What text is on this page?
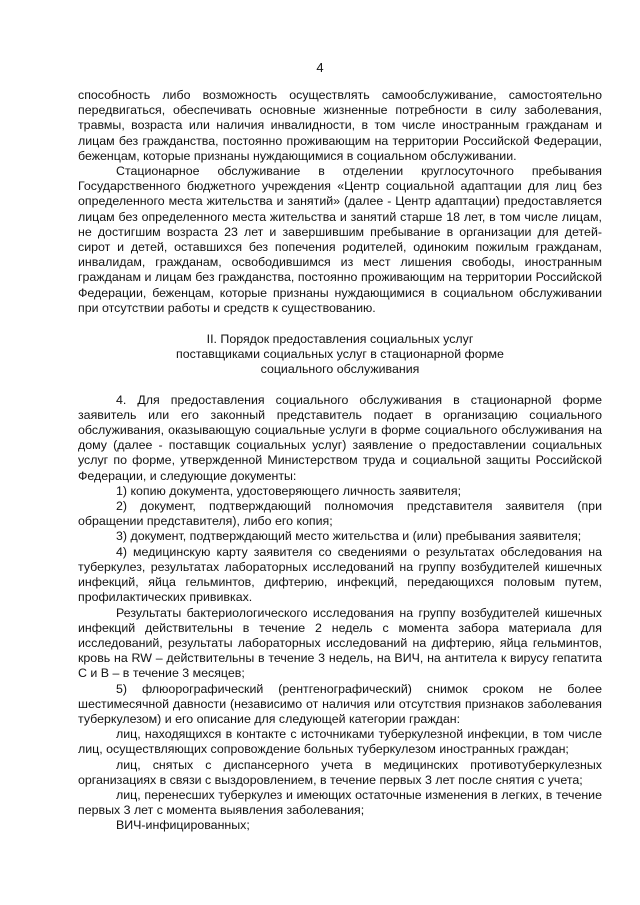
4

способность либо возможность осуществлять самообслуживание, самостоятельно передвигаться, обеспечивать основные жизненные потребности в силу заболевания, травмы, возраста или наличия инвалидности, в том числе иностранным гражданам и лицам без гражданства, постоянно проживающим на территории Российской Федерации, беженцам, которые признаны нуждающимися в социальном обслуживании.

Стационарное обслуживание в отделении круглосуточного пребывания Государственного бюджетного учреждения «Центр социальной адаптации для лиц без определенного места жительства и занятий» (далее - Центр адаптации) предоставляется лицам без определенного места жительства и занятий старше 18 лет, в том числе лицам, не достигшим возраста 23 лет и завершившим пребывание в организации для детей-сирот и детей, оставшихся без попечения родителей, одиноким пожилым гражданам, инвалидам, гражданам, освободившимся из мест лишения свободы, иностранным гражданам и лицам без гражданства, постоянно проживающим на территории Российской Федерации, беженцам, которые признаны нуждающимися в социальном обслуживании при отсутствии работы и средств к существованию.

II. Порядок предоставления социальных услуг
поставщиками социальных услуг в стационарной форме
социального обслуживания

4. Для предоставления социального обслуживания в стационарной форме заявитель или его законный представитель подает в организацию социального обслуживания, оказывающую социальные услуги в форме социального обслуживания на дому (далее - поставщик социальных услуг) заявление о предоставлении социальных услуг по форме, утвержденной Министерством труда и социальной защиты Российской Федерации, и следующие документы:

1) копию документа, удостоверяющего личность заявителя;

2) документ, подтверждающий полномочия представителя заявителя (при обращении представителя), либо его копия;

3) документ, подтверждающий место жительства и (или) пребывания заявителя;

4) медицинскую карту заявителя со сведениями о результатах обследования на туберкулез, результатах лабораторных исследований на группу возбудителей кишечных инфекций, яйца гельминтов, дифтерию, инфекций, передающихся половым путем, профилактических прививках.

Результаты бактериологического исследования на группу возбудителей кишечных инфекций действительны в течение 2 недель с момента забора материала для исследований, результаты лабораторных исследований на дифтерию, яйца гельминтов, кровь на RW – действительны в течение 3 недель, на ВИЧ, на антитела к вирусу гепатита С и В – в течение 3 месяцев;

5) флюорографический (рентгенографический) снимок сроком не более шестимесячной давности (независимо от наличия или отсутствия признаков заболевания туберкулезом) и его описание для следующей категории граждан:

лиц, находящихся в контакте с источниками туберкулезной инфекции, в том числе лиц, осуществляющих сопровождение больных туберкулезом иностранных граждан;

лиц, снятых с диспансерного учета в медицинских противотуберкулезных организациях в связи с выздоровлением, в течение первых 3 лет после снятия с учета;

лиц, перенесших туберкулез и имеющих остаточные изменения в легких, в течение первых 3 лет с момента выявления заболевания;

ВИЧ-инфицированных;
